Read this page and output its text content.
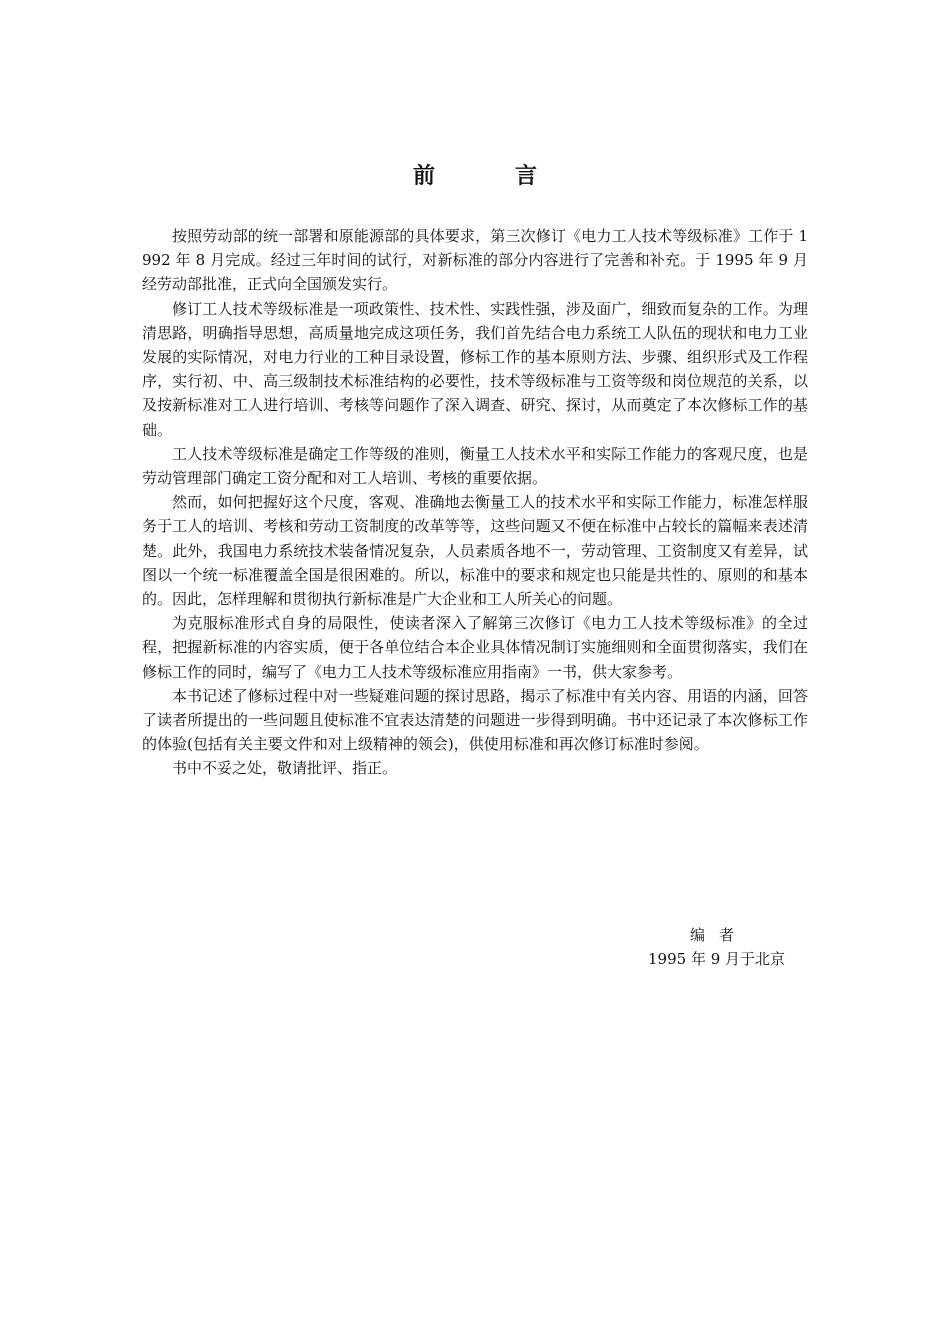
前	言

按照劳动部的统一部署和原能源部的具体要求，第三次修订《电力工人技术等级标准》工作于 1992 年 8 月完成。经过三年时间的试行，对新标准的部分内容进行了完善和补充。于 1995 年 9 月经劳动部批准，正式向全国颁发实行。

修订工人技术等级标准是一项政策性、技术性、实践性强，涉及面广，细致而复杂的工作。为理清思路，明确指导思想，高质量地完成这项任务，我们首先结合电力系统工人队伍的现状和电力工业发展的实际情况，对电力行业的工种目录设置，修标工作的基本原则方法、步骤、组织形式及工作程序，实行初、中、高三级制技术标准结构的必要性，技术等级标准与工资等级和岗位规范的关系，以及按新标准对工人进行培训、考核等问题作了深入调查、研究、探讨，从而奠定了本次修标工作的基础。

工人技术等级标准是确定工作等级的准则，衡量工人技术水平和实际工作能力的客观尺度，也是劳动管理部门确定工资分配和对工人培训、考核的重要依据。

然而，如何把握好这个尺度，客观、准确地去衡量工人的技术水平和实际工作能力，标准怎样服务于工人的培训、考核和劳动工资制度的改革等等，这些问题又不便在标准中占较长的篇幅来表述清楚。此外，我国电力系统技术装备情况复杂，人员素质各地不一，劳动管理、工资制度又有差异，试图以一个统一标准覆盖全国是很困难的。所以，标准中的要求和规定也只能是共性的、原则的和基本的。因此，怎样理解和贯彻执行新标准是广大企业和工人所关心的问题。

为克服标准形式自身的局限性，使读者深入了解第三次修订《电力工人技术等级标准》的全过程，把握新标准的内容实质，便于各单位结合本企业具体情况制订实施细则和全面贯彻落实，我们在修标工作的同时，编写了《电力工人技术等级标准应用指南》一书，供大家参考。

本书记述了修标过程中对一些疑难问题的探讨思路，揭示了标准中有关内容、用语的内涵，回答了读者所提出的一些问题且使标准不宜表达清楚的问题进一步得到明确。书中还记录了本次修标工作的体验(包括有关主要文件和对上级精神的领会)，供使用标准和再次修订标准时参阅。

书中不妥之处，敬请批评、指正。

编者
1995 年 9 月于北京
